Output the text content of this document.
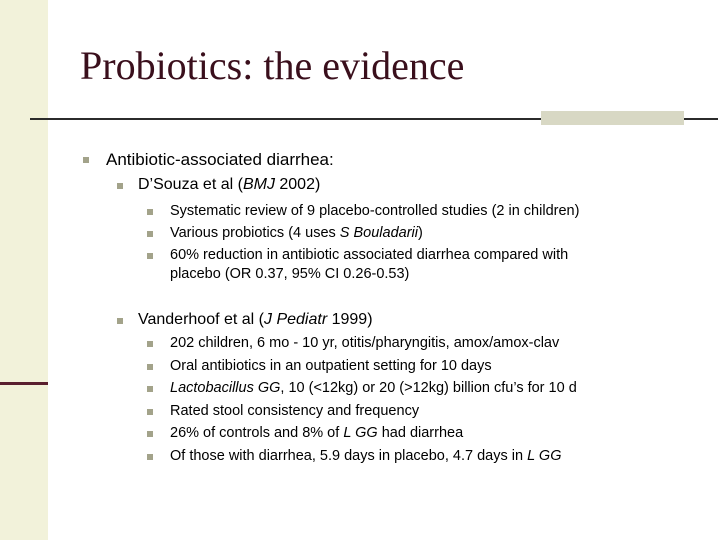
Probiotics: the evidence
Antibiotic-associated diarrhea:
D’Souza et al (BMJ 2002)
Systematic review of 9 placebo-controlled studies (2 in children)
Various probiotics (4 uses S Bouladarii)
60% reduction in antibiotic associated diarrhea compared with
placebo (OR 0.37, 95% CI 0.26-0.53)
Vanderhoof et al (J Pediatr 1999)
202 children, 6 mo - 10 yr, otitis/pharyngitis, amox/amox-clav
Oral antibiotics in an outpatient setting for 10 days
Lactobacillus GG, 10 (<12kg) or 20 (>12kg) billion cfu’s for 10 d
Rated stool consistency and frequency
26% of controls and 8% of L GG had diarrhea
Of those with diarrhea, 5.9 days in placebo, 4.7 days in L GG
